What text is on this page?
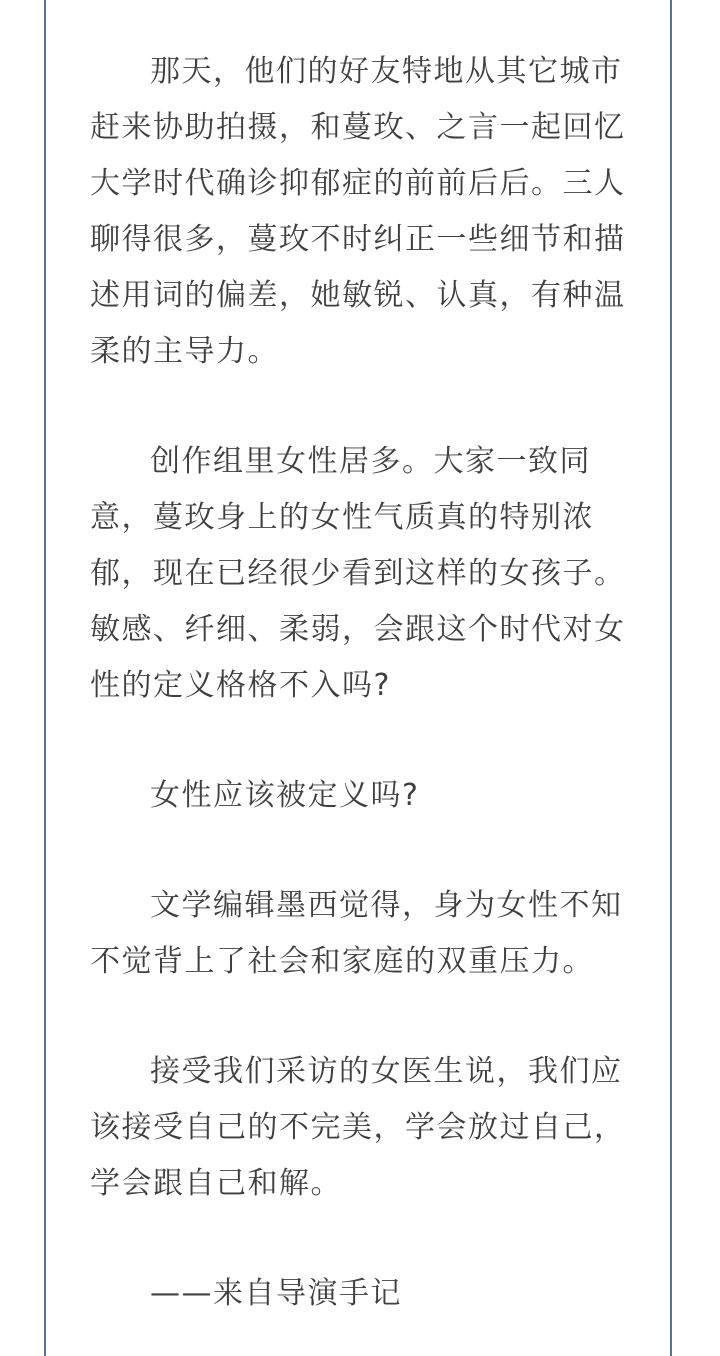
那天，他们的好友特地从其它城市赶来协助拍摄，和蔓玫、之言一起回忆大学时代确诊抑郁症的前前后后。三人聊得很多，蔓玫不时纠正一些细节和描述用词的偏差，她敏锐、认真，有种温柔的主导力。

创作组里女性居多。大家一致同意，蔓玫身上的女性气质真的特别浓郁，现在已经很少看到这样的女孩子。敏感、纤细、柔弱，会跟这个时代对女性的定义格格不入吗?

女性应该被定义吗?

文学编辑墨西觉得，身为女性不知不觉背上了社会和家庭的双重压力。

接受我们采访的女医生说，我们应该接受自己的不完美，学会放过自己，学会跟自己和解。

——来自导演手记
